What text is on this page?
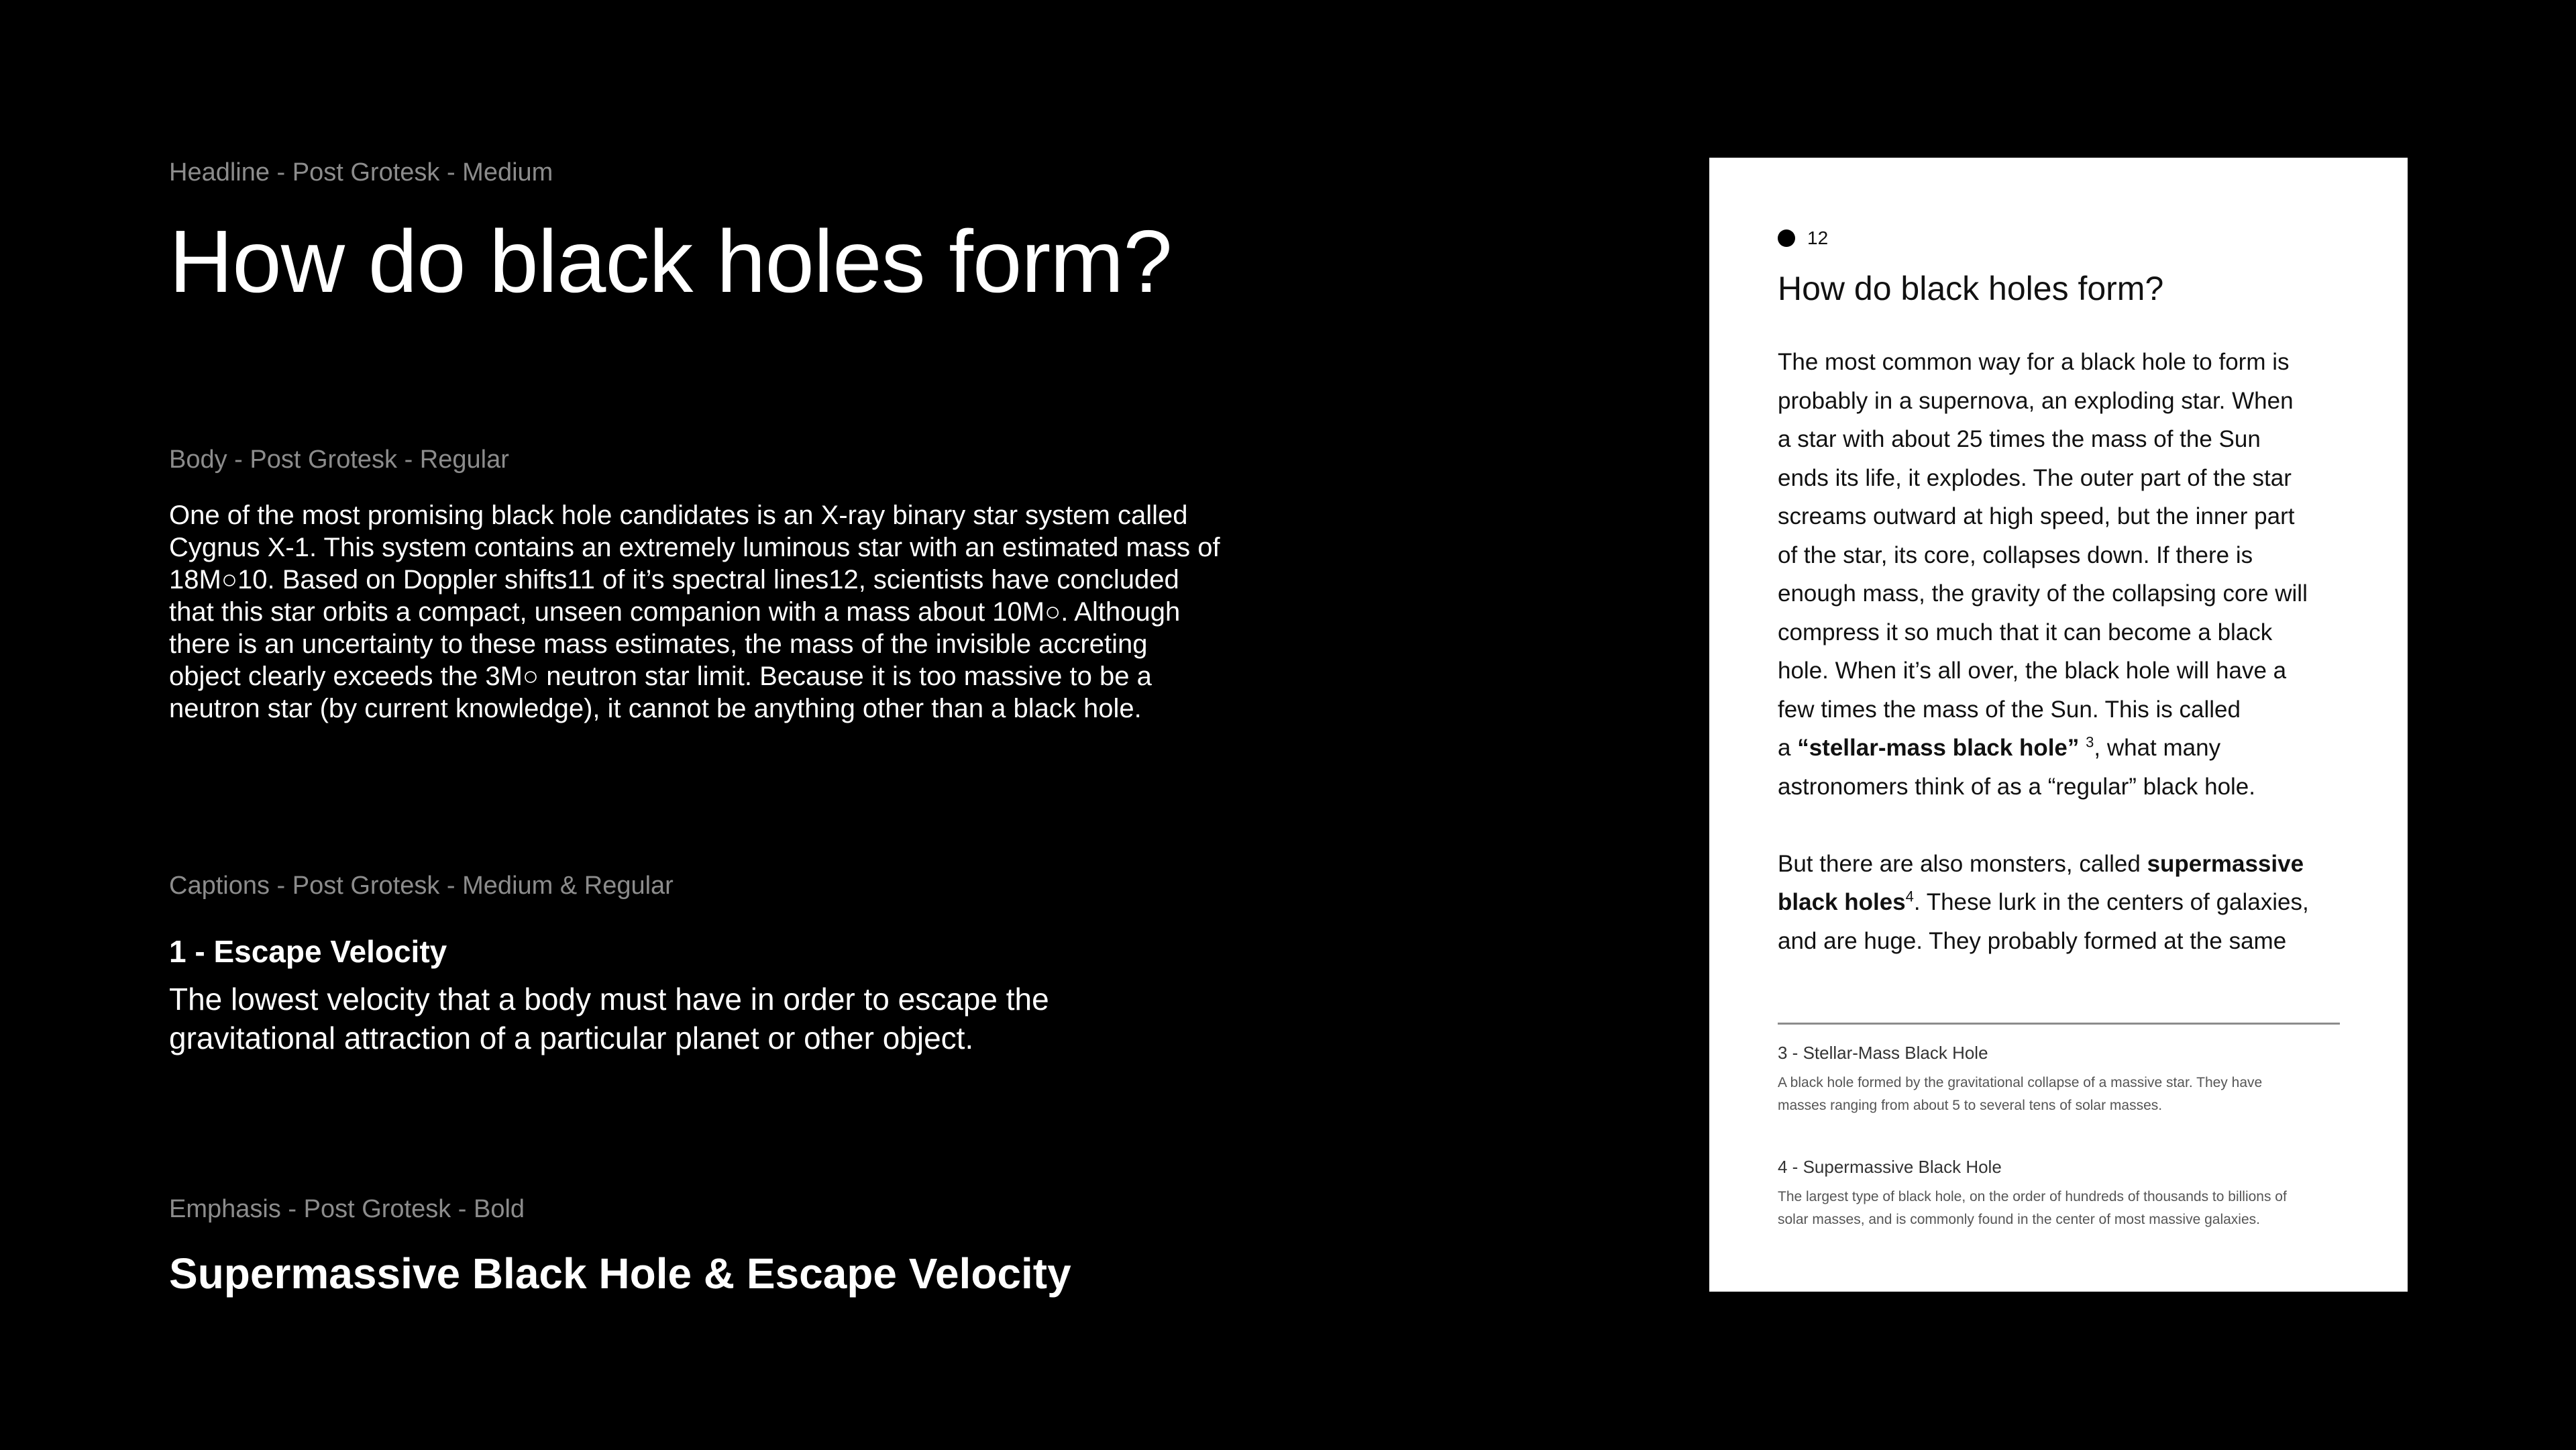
Headline - Post Grotesk - Medium
How do black holes form?
Body - Post Grotesk - Regular

One of the most promising black hole candidates is an X-ray binary star system called

Cygnus X-1. This system contains an extremely luminous star with an estimated mass of

18M○10. Based on Doppler shifts11 of it’s spectral lines12, scientists have concluded

that this star orbits a compact, unseen companion with a mass about 10M○. Although

there is an uncertainty to these mass estimates, the mass of the invisible accreting

object clearly exceeds the 3M○ neutron star limit. Because it is too massive to be a

neutron star (by current knowledge), it cannot be anything other than a black hole.

Captions - Post Grotesk - Medium & Regular
1 - Escape Velocity

The lowest velocity that a body must have in order to escape the

gravitational attraction of a particular planet or other object.

Emphasis - Post Grotesk - Bold
Supermassive Black Hole & Escape Velocity
12
How do black holes form?

The most common way for a black hole to form is

probably in a supernova, an exploding star. When

a star with about 25 times the mass of the Sun

ends its life, it explodes. The outer part of the star

screams outward at high speed, but the inner part

of the star, its core, collapses down. If there is

enough mass, the gravity of the collapsing core will

compress it so much that it can become a black

hole. When it’s all over, the black hole will have a

few times the mass of the Sun. This is called

a “stellar-mass black hole” $^3$, what many

astronomers think of as a “regular” black hole.

But there are also monsters, called supermassive

black holes$^4$. These lurk in the centers of galaxies,

and are huge. They probably formed at the same

3 - Stellar-Mass Black Hole

A black hole formed by the gravitational collapse of a massive star. They have

masses ranging from about 5 to several tens of solar masses.

4 - Supermassive Black Hole

The largest type of black hole, on the order of hundreds of thousands to billions of

solar masses, and is commonly found in the center of most massive galaxies.
